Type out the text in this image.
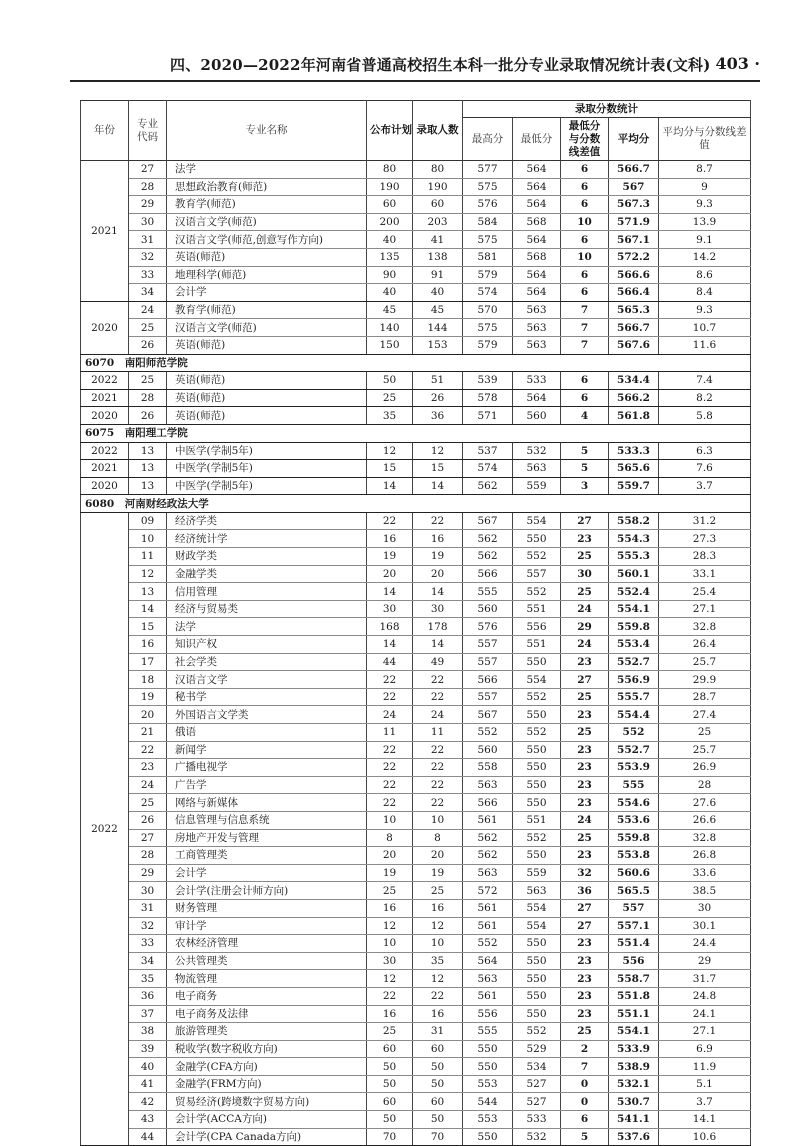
四、2020—2022年河南省普通高校招生本科一批分专业录取情况统计表(文科)
· 403 ·
年份	专业代码	专业名称	公布计划	录取人数	录取分数统计				
					最高分	最低分	最低分与分数线差值	平均分	平均分与分数线差值
2021	27	法学	80	80	577	564	6	566.7	8.7
	28	思想政治教育(师范)	190	190	575	564	6	567	9
	29	教育学(师范)	60	60	576	564	6	567.3	9.3
	30	汉语言文学(师范)	200	203	584	568	10	571.9	13.9
	31	汉语言文学(师范,创意写作方向)	40	41	575	564	6	567.1	9.1
	32	英语(师范)	135	138	581	568	10	572.2	14.2
	33	地理科学(师范)	90	91	579	564	6	566.6	8.6
	34	会计学	40	40	574	564	6	566.4	8.4
2020	24	教育学(师范)	45	45	570	563	7	565.3	9.3
	25	汉语言文学(师范)	140	144	575	563	7	566.7	10.7
	26	英语(师范)	150	153	579	563	7	567.6	11.6
6070　南阳师范学院									
2022	25	英语(师范)	50	51	539	533	6	534.4	7.4
2021	28	英语(师范)	25	26	578	564	6	566.2	8.2
2020	26	英语(师范)	35	36	571	560	4	561.8	5.8
6075　南阳理工学院									
2022	13	中医学(学制5年)	12	12	537	532	5	533.3	6.3
2021	13	中医学(学制5年)	15	15	574	563	5	565.6	7.6
2020	13	中医学(学制5年)	14	14	562	559	3	559.7	3.7
6080　河南财经政法大学									
2022	09	经济学类	22	22	567	554	27	558.2	31.2
	10	经济统计学	16	16	562	550	23	554.3	27.3
	11	财政学类	19	19	562	552	25	555.3	28.3
	12	金融学类	20	20	566	557	30	560.1	33.1
	13	信用管理	14	14	555	552	25	552.4	25.4
	14	经济与贸易类	30	30	560	551	24	554.1	27.1
	15	法学	168	178	576	556	29	559.8	32.8
	16	知识产权	14	14	557	551	24	553.4	26.4
	17	社会学类	44	49	557	550	23	552.7	25.7
	18	汉语言文学	22	22	566	554	27	556.9	29.9
	19	秘书学	22	22	557	552	25	555.7	28.7
	20	外国语言文学类	24	24	567	550	23	554.4	27.4
	21	俄语	11	11	552	552	25	552	25
	22	新闻学	22	22	560	550	23	552.7	25.7
	23	广播电视学	22	22	558	550	23	553.9	26.9
	24	广告学	22	22	563	550	23	555	28
	25	网络与新媒体	22	22	566	550	23	554.6	27.6
	26	信息管理与信息系统	10	10	561	551	24	553.6	26.6
	27	房地产开发与管理	8	8	562	552	25	559.8	32.8
	28	工商管理类	20	20	562	550	23	553.8	26.8
	29	会计学	19	19	563	559	32	560.6	33.6
	30	会计学(注册会计师方向)	25	25	572	563	36	565.5	38.5
	31	财务管理	16	16	561	554	27	557	30
	32	审计学	12	12	561	554	27	557.1	30.1
	33	农林经济管理	10	10	552	550	23	551.4	24.4
	34	公共管理类	30	35	564	550	23	556	29
	35	物流管理	12	12	563	550	23	558.7	31.7
	36	电子商务	22	22	561	550	23	551.8	24.8
	37	电子商务及法律	16	16	556	550	23	551.1	24.1
	38	旅游管理类	25	31	555	552	25	554.1	27.1
	39	税收学(数字税收方向)	60	60	550	529	2	533.9	6.9
	40	金融学(CFA方向)	50	50	550	534	7	538.9	11.9
	41	金融学(FRM方向)	50	50	553	527	0	532.1	5.1
	42	贸易经济(跨境数字贸易方向)	60	60	544	527	0	530.7	3.7
	43	会计学(ACCA方向)	50	50	553	533	6	541.1	14.1
	44	会计学(CPA Canada方向)	70	70	550	532	5	537.6	10.6
